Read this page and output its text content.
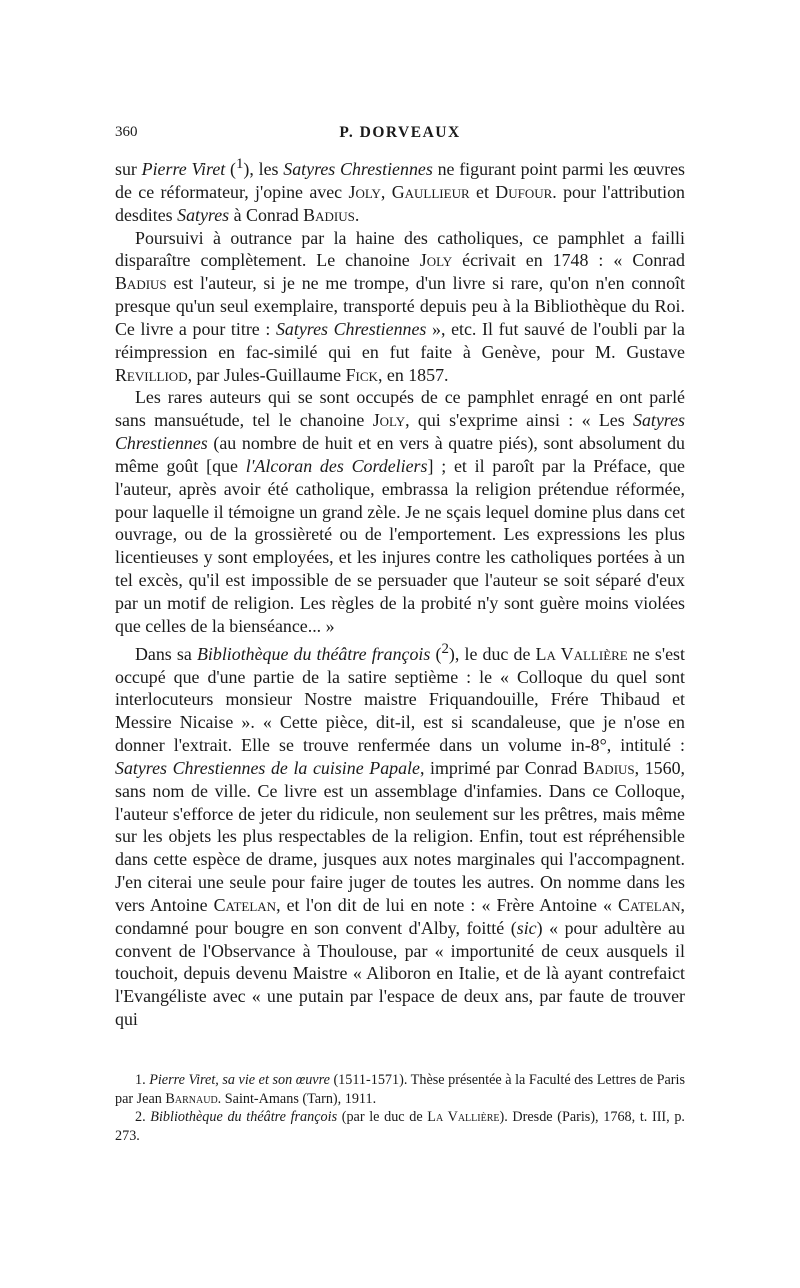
360	P. DORVEAUX

sur Pierre Viret ($^1$), les Satyres Chrestiennes ne figurant point parmi les œuvres de ce réformateur, j'opine avec Joly, Gaullieur et Dufour. pour l'attribution desdites Satyres à Conrad Badius.

Poursuivi à outrance par la haine des catholiques, ce pamphlet a failli disparaître complètement. Le chanoine Joly écrivait en 1748 : « Conrad Badius est l'auteur, si je ne me trompe, d'un livre si rare, qu'on n'en connoît presque qu'un seul exemplaire, transporté depuis peu à la Bibliothèque du Roi. Ce livre a pour titre : Satyres Chrestiennes », etc. Il fut sauvé de l'oubli par la réimpression en fac-similé qui en fut faite à Genève, pour M. Gustave Revilliod, par Jules-Guillaume Fick, en 1857.

Les rares auteurs qui se sont occupés de ce pamphlet enragé en ont parlé sans mansuétude, tel le chanoine Joly, qui s'exprime ainsi : « Les Satyres Chrestiennes (au nombre de huit et en vers à quatre piés), sont absolument du même goût [que l'Alcoran des Cordeliers] ; et il paroît par la Préface, que l'auteur, après avoir été catholique, embrassa la religion prétendue réformée, pour laquelle il témoigne un grand zèle. Je ne sçais lequel domine plus dans cet ouvrage, ou de la grossièreté ou de l'emportement. Les expressions les plus licentieuses y sont employées, et les injures contre les catholiques portées à un tel excès, qu'il est impossible de se persuader que l'auteur se soit séparé d'eux par un motif de religion. Les règles de la probité n'y sont guère moins violées que celles de la bienséance... »

Dans sa Bibliothèque du théâtre françois ($^2$), le duc de La Vallière ne s'est occupé que d'une partie de la satire septième : le « Colloque du quel sont interlocuteurs monsieur Nostre maistre Friquandouille, Frére Thibaud et Messire Nicaise ». « Cette pièce, dit-il, est si scandaleuse, que je n'ose en donner l'extrait. Elle se trouve renfermée dans un volume in-8°, intitulé : Satyres Chrestiennes de la cuisine Papale, imprimé par Conrad Badius, 1560, sans nom de ville. Ce livre est un assemblage d'infamies. Dans ce Colloque, l'auteur s'efforce de jeter du ridicule, non seulement sur les prêtres, mais même sur les objets les plus respectables de la religion. Enfin, tout est répréhensible dans cette espèce de drame, jusques aux notes marginales qui l'accompagnent. J'en citerai une seule pour faire juger de toutes les autres. On nomme dans les vers Antoine Catelan, et l'on dit de lui en note : « Frère Antoine « Catelan, condamné pour bougre en son convent d'Alby, foitté (sic) « pour adultère au convent de l'Observance à Thoulouse, par « importunité de ceux ausquels il touchoit, depuis devenu Maistre « Aliboron en Italie, et de là ayant contrefaict l'Evangéliste avec « une putain par l'espace de deux ans, par faute de trouver qui

1. Pierre Viret, sa vie et son œuvre (1511-1571). Thèse présentée à la Faculté des Lettres de Paris par Jean Barnaud. Saint-Amans (Tarn), 1911.

2. Bibliothèque du théâtre françois (par le duc de La Vallière). Dresde (Paris), 1768, t. III, p. 273.
